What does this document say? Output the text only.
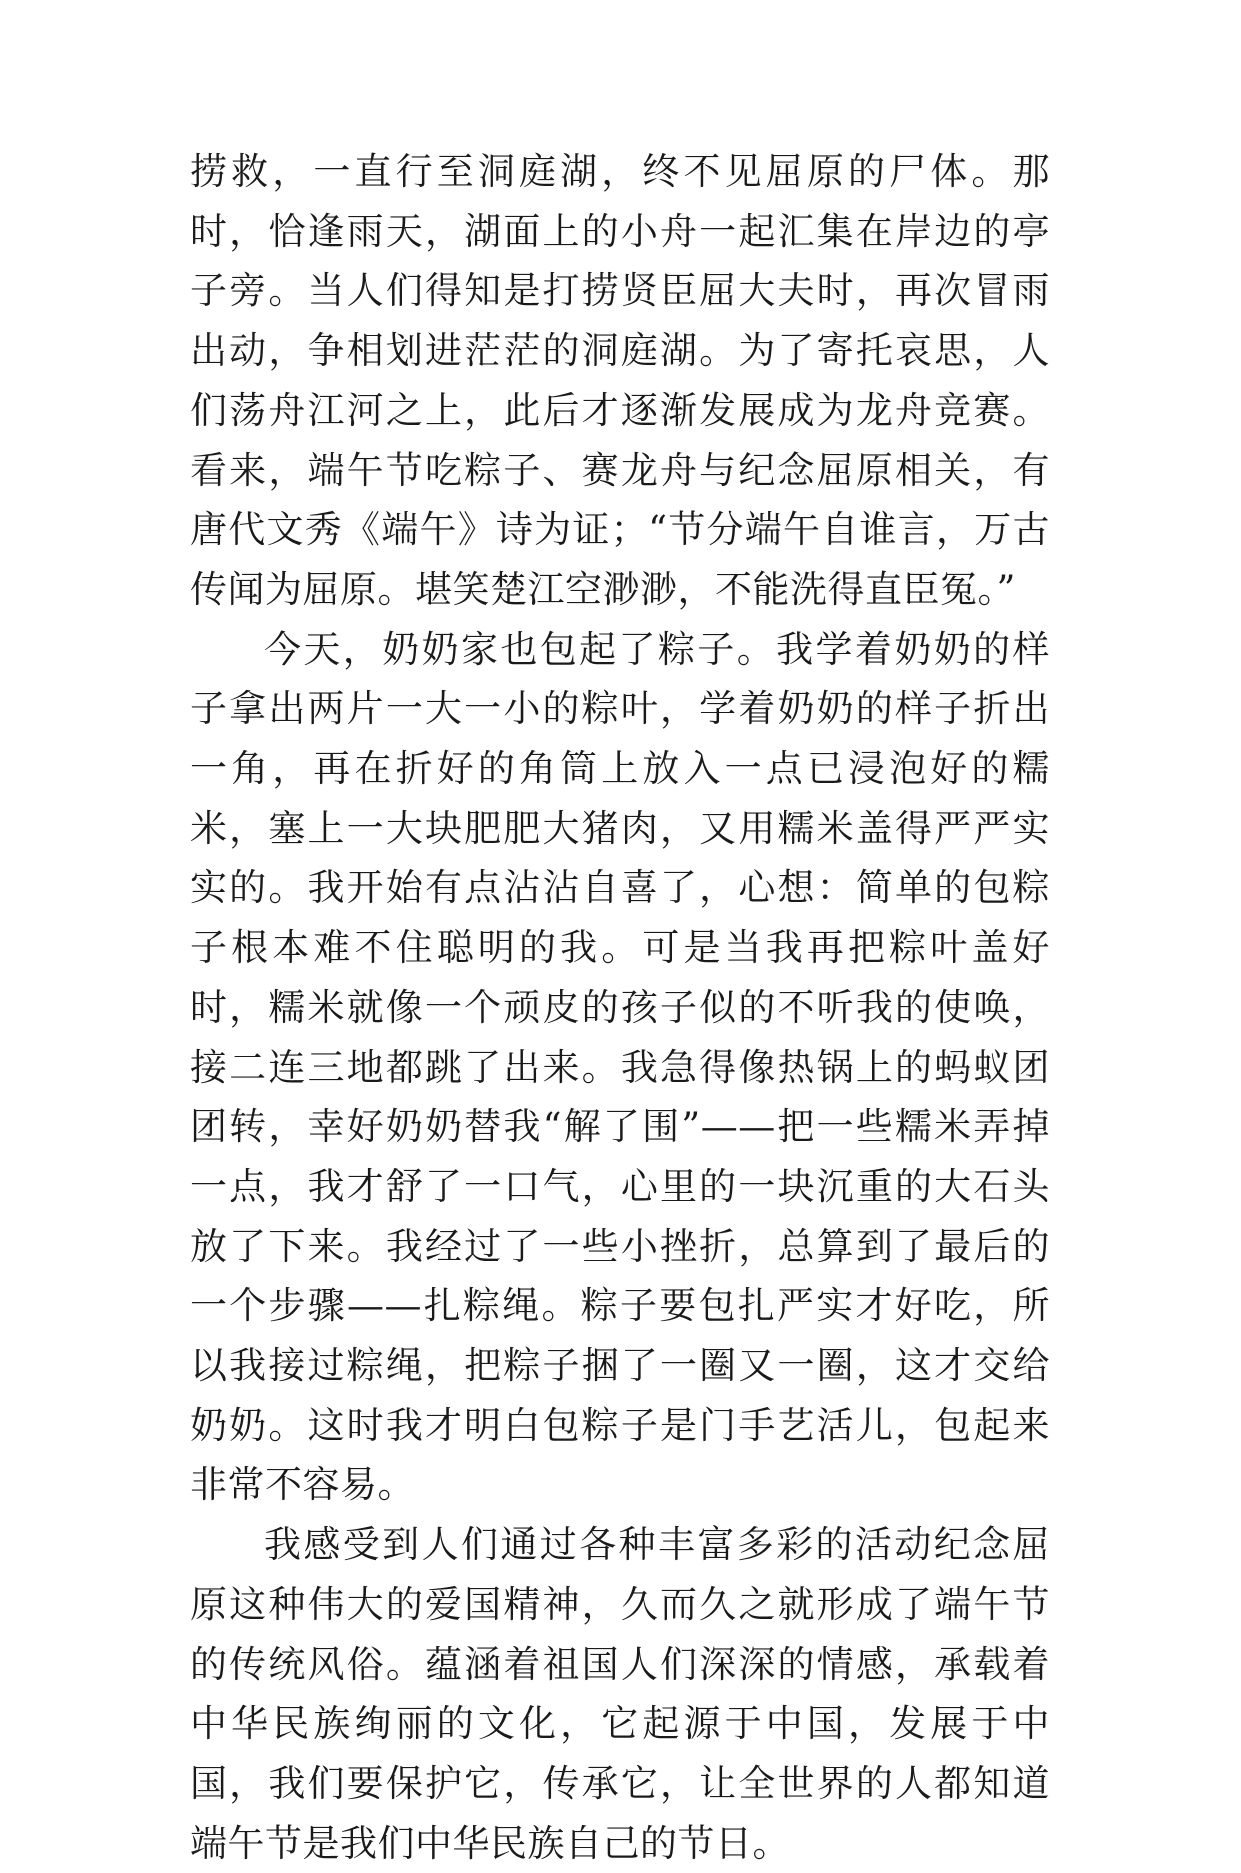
捞救，一直行至洞庭湖，终不见屈原的尸体。那时，恰逢雨天，湖面上的小舟一起汇集在岸边的亭子旁。当人们得知是打捞贤臣屈大夫时，再次冒雨出动，争相划进茫茫的洞庭湖。为了寄托哀思，人们荡舟江河之上，此后才逐渐发展成为龙舟竞赛。看来，端午节吃粽子、赛龙舟与纪念屈原相关，有唐代文秀《端午》诗为证；“节分端午自谁言，万古传闻为屈原。堪笑楚江空渺渺，不能洗得直臣冤。”

今天，奶奶家也包起了粽子。我学着奶奶的样子拿出两片一大一小的粽叶，学着奶奶的样子折出一角，再在折好的角筒上放入一点已浸泡好的糯米，塞上一大块肥肥大猪肉，又用糯米盖得严严实实的。我开始有点沾沾自喜了，心想：简单的包粽子根本难不住聪明的我。可是当我再把粽叶盖好时，糯米就像一个顽皮的孩子似的不听我的使唤，接二连三地都跳了出来。我急得像热锅上的蚂蚁团团转，幸好奶奶替我“解了围”——把一些糯米弄掉一点，我才舒了一口气，心里的一块沉重的大石头放了下来。我经过了一些小挫折，总算到了最后的一个步骤——扎粽绳。粽子要包扎严实才好吃，所以我接过粽绳，把粽子捆了一圈又一圈，这才交给奶奶。这时我才明白包粽子是门手艺活儿，包起来非常不容易。

我感受到人们通过各种丰富多彩的活动纪念屈原这种伟大的爱国精神，久而久之就形成了端午节的传统风俗。蕴涵着祖国人们深深的情感，承载着中华民族绚丽的文化，它起源于中国，发展于中国，我们要保护它，传承它，让全世界的人都知道端午节是我们中华民族自己的节日。
